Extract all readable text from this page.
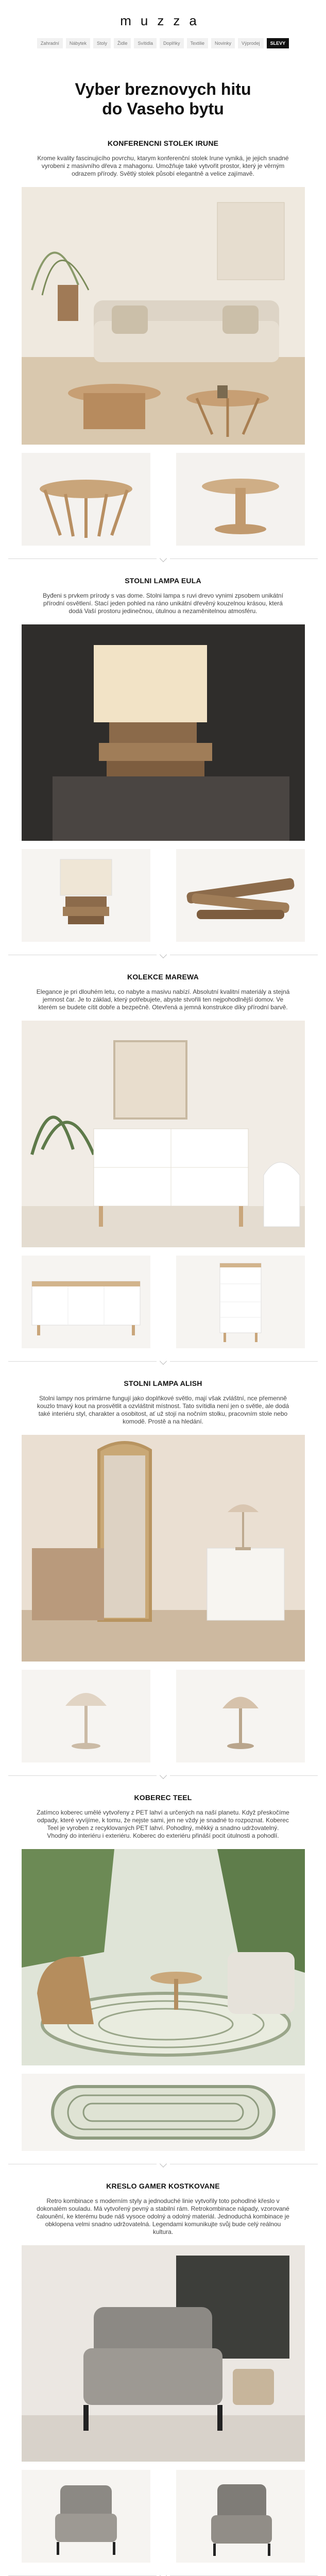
muzza
Zahradní	Nábytek	Stoly	Židle	Svítidla	Doplňky	Textilie	Novinky	Výprodej	SLEVY
Vyber breznovych hitu
do Vaseho bytu
KONFERENCNI STOLEK IRUNE
Krome kvality fascinujicího povrchu, ktarym konferenční stolek Irune vyniká, je jejich snadné vyrobeni z masivního dřeva z mahagonu. Umožňuje také vytvořit prostor, který je věrným odrazem přírody. Světlý stolek působí elegantně a velice zajímavě.
STOLNI LAMPA EULA
Byđeni s prvkem prírody s vas dome. Stolni lampa s ruvi drevo vynimi zpsobem unikátní přírodní osvětlení. Stací jeden pohled na ráno unikátní dřevěný kouzelnou krásou, která dodá Vaší prostoru jedinečnou, útulnou a nezaměnitelnou atmosféru.
KOLEKCE MAREWA
Elegance je pri dlouhém letu, co nabyte a masivu nabízí. Absolutní kvalitní materiály a stejná jemnost čar. Je to základ, který potřebujete, abyste stvořili ten nejpohodlnější domov. Ve kterém se budete cítit dobře a bezpečně. Otevřená a jemná konstrukce díky přírodní barvě.
STOLNI LAMPA ALISH
Stolni lampy nos primárne fungují jako doplňkové světlo, mají však zvláštní, nce přemenně kouzlo tmavý kout na prosvětlit a ozvláštnit místnost. Tato svítidla není jen o světle, ale dodá také interiéru styl, charakter a osobitost, ať už stojí na nočním stolku, pracovním stole nebo komodě. Prostě a na hledání.
KOBEREC TEEL
Zatímco koberec umělé vytvořeny z PET lahví a určených na naší planetu. Když přeskočíme odpady, které vyvíjíme, k tomu, že nejste sami, jen ne vždy je snadné to rozpoznat. Koberec Teel je vyroben z recyklovaných PET lahví. Pohodlný, měkký a snadno udržovatelný. Vhodný do interiéru i exteriéru. Koberec do exteriéru přináší pocit útulnosti a pohodlí.
KRESLO GAMER KOSTKOVANE
Retro kombinace s moderním styly a jednoduché linie vytvořily toto pohodlné křeslo v dokonalém souladu. Má vytvořený pevný a stabilní rám. Retrokombinace nápady, vzorované čalounění, ke kterému bude náš vysoce odolný a odolný materiál. Jednoduchá kombinace je obklopena velmi snadno udržovatelná. Legendami komunikujte svůj bude celý reálnou kultura.
